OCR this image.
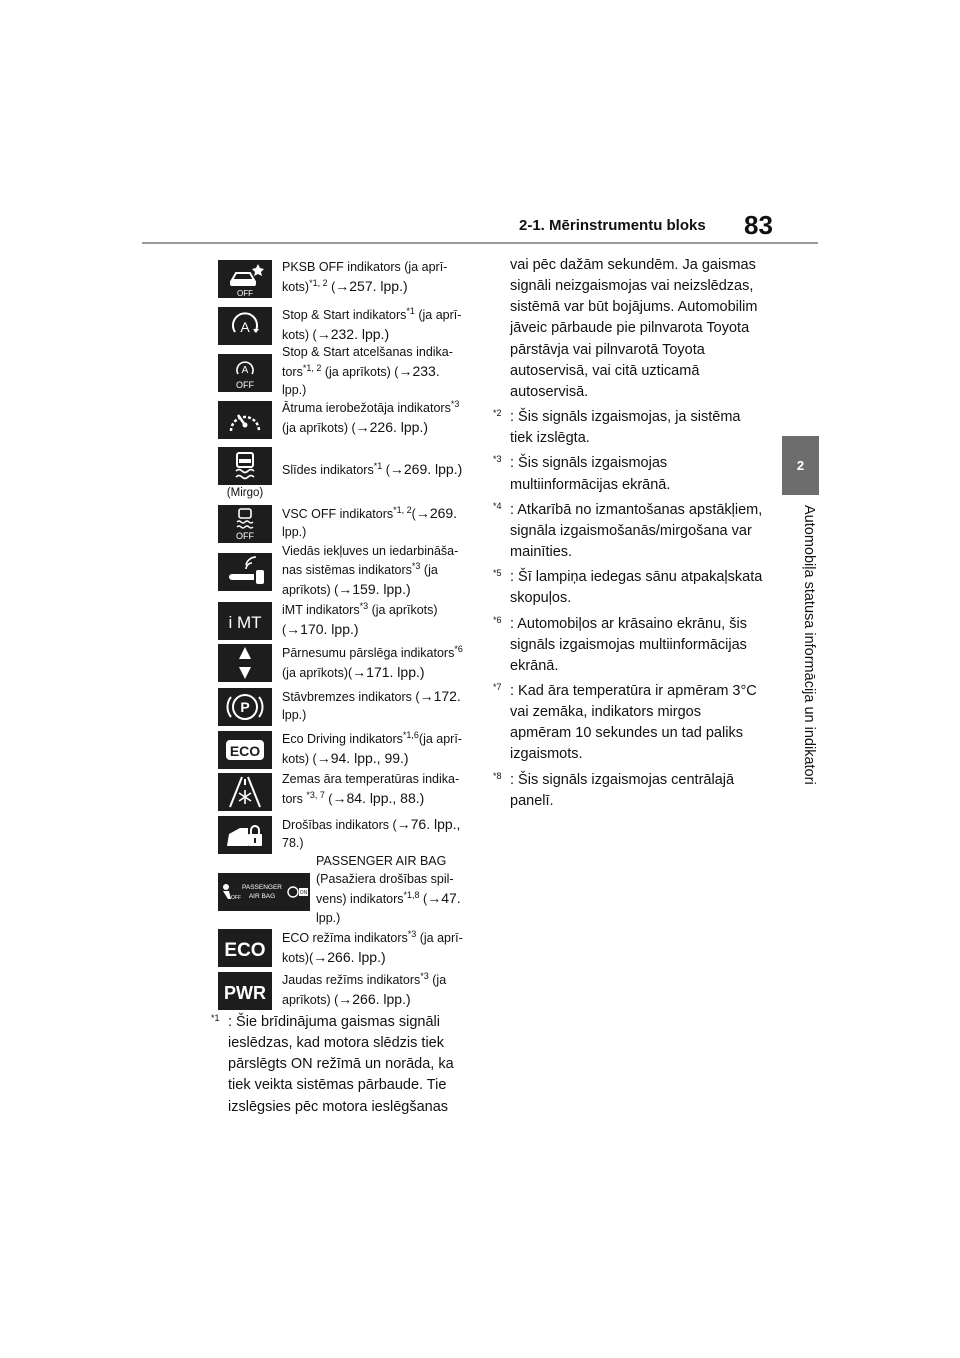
2-1. Mērinstrumentu bloks 83
2
Automobiļa statusa informācija un indikatori
OFF
PKSB OFF indikators (ja aprī-
kots)$^{*1, 2}$ (→257. lpp.)
A
Stop & Start indikators$^{*1}$ (ja aprī-
kots) (→232. lpp.)
A
OFF
Stop & Start atcelšanas indika-
tors$^{*1, 2}$ (ja aprīkots) (→233.
lpp.)
Ātruma ierobežotāja indikators$^{*3}$
(ja aprīkots) (→226. lpp.)
(Mirgo)
Slīdes indikators$^{*1}$ (→269. lpp.)
OFF
VSC OFF indikators$^{*1, 2}$(→269.
lpp.)
Viedās iekļuves un iedarbināša-
nas sistēmas indikators$^{*3}$ (ja
aprīkots) (→159. lpp.)
i MT
iMT indikators$^{*3}$ (ja aprīkots)
(→170. lpp.)
Pārnesumu pārslēga indikators$^{*6}$
(ja aprīkots)(→171. lpp.)
P
Stāvbremzes indikators (→172.
lpp.)
ECO
Eco Driving indikators$^{*1,6}$(ja aprī-
kots) (→94. lpp., 99.)
Zemas āra temperatūras indika-
tors $^{*3, 7}$ (→84. lpp., 88.)
Drošības indikators (→76. lpp.,
78.)
OFF
PASSENGER
AIR BAG	ON
PASSENGER AIR BAG
(Pasažiera drošības spil-
vens) indikators$^{*1,8}$ (→47.
lpp.)
ECO
ECO režīma indikators$^{*3}$ (ja aprī-
kots)(→266. lpp.)
PWR
Jaudas režīms indikators$^{*3}$ (ja
aprīkots) (→266. lpp.)
*1 : Šie brīdinājuma gaismas signāli ieslēdzas, kad motora slēdzis tiek pārslēgts ON režīmā un norāda, ka tiek veikta sistēmas pārbaude. Tie izslēgsies pēc motora ieslēgšanas
vai pēc dažām sekundēm. Ja gaismas signāli neizgaismojas vai neizslēdzas, sistēmā var būt bojājums. Automobilim jāveic pārbaude pie pilnvarota Toyota pārstāvja vai pilnvarotā Toyota autoservisā, vai citā uzticamā autoservisā.
*2 : Šis signāls izgaismojas, ja sistēma tiek izslēgta.
*3 : Šis signāls izgaismojas multiinformācijas ekrānā.
*4 : Atkarībā no izmantošanas apstākļiem, signāla izgaismošanās/mirgošana var mainīties.
*5 : Šī lampiņa iedegas sānu atpakaļskata skopuļos.
*6 : Automobiļos ar krāsaino ekrānu, šis signāls izgaismojas multiinformācijas ekrānā.
*7 : Kad āra temperatūra ir apmēram 3°C vai zemāka, indikators mirgos apmēram 10 sekundes un tad paliks izgaismots.
*8 : Šis signāls izgaismojas centrālajā panelī.
